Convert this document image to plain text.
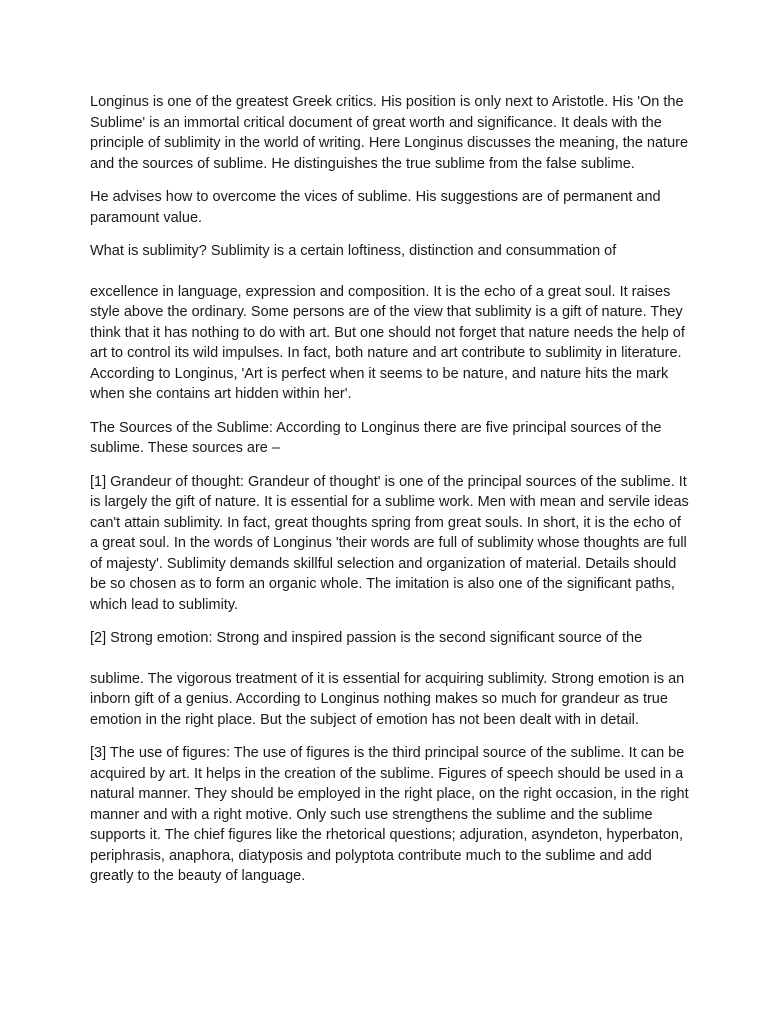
Longinus is one of the greatest Greek critics. His position is only next to Aristotle. His 'On the Sublime' is an immortal critical document of great worth and significance. It deals with the principle of sublimity in the world of writing. Here Longinus discusses the meaning, the nature and the sources of sublime. He distinguishes the true sublime from the false sublime.

He advises how to overcome the vices of sublime. His suggestions are of permanent and paramount value.

What is sublimity? Sublimity is a certain loftiness, distinction and consummation of

excellence in language, expression and composition. It is the echo of a great soul. It raises style above the ordinary. Some persons are of the view that sublimity is a gift of nature. They think that it has nothing to do with art. But one should not forget that nature needs the help of art to control its wild impulses. In fact, both nature and art contribute to sublimity in literature. According to Longinus, 'Art is perfect when it seems to be nature, and nature hits the mark when she contains art hidden within her'.

The Sources of the Sublime: According to Longinus there are five principal sources of the sublime. These sources are –

[1] Grandeur of thought: Grandeur of thought' is one of the principal sources of the sublime. It is largely the gift of nature. It is essential for a sublime work. Men with mean and servile ideas can't attain sublimity. In fact, great thoughts spring from great souls. In short, it is the echo of a great soul. In the words of Longinus 'their words are full of sublimity whose thoughts are full of majesty'. Sublimity demands skillful selection and organization of material. Details should be so chosen as to form an organic whole. The imitation is also one of the significant paths, which lead to sublimity.

[2] Strong emotion: Strong and inspired passion is the second significant source of the

sublime. The vigorous treatment of it is essential for acquiring sublimity. Strong emotion is an inborn gift of a genius. According to Longinus nothing makes so much for grandeur as true emotion in the right place. But the subject of emotion has not been dealt with in detail.

[3] The use of figures: The use of figures is the third principal source of the sublime. It can be acquired by art. It helps in the creation of the sublime. Figures of speech should be used in a natural manner. They should be employed in the right place, on the right occasion, in the right manner and with a right motive. Only such use strengthens the sublime and the sublime supports it. The chief figures like the rhetorical questions; adjuration, asyndeton, hyperbaton, periphrasis, anaphora, diatyposis and polyptota contribute much to the sublime and add greatly to the beauty of language.
